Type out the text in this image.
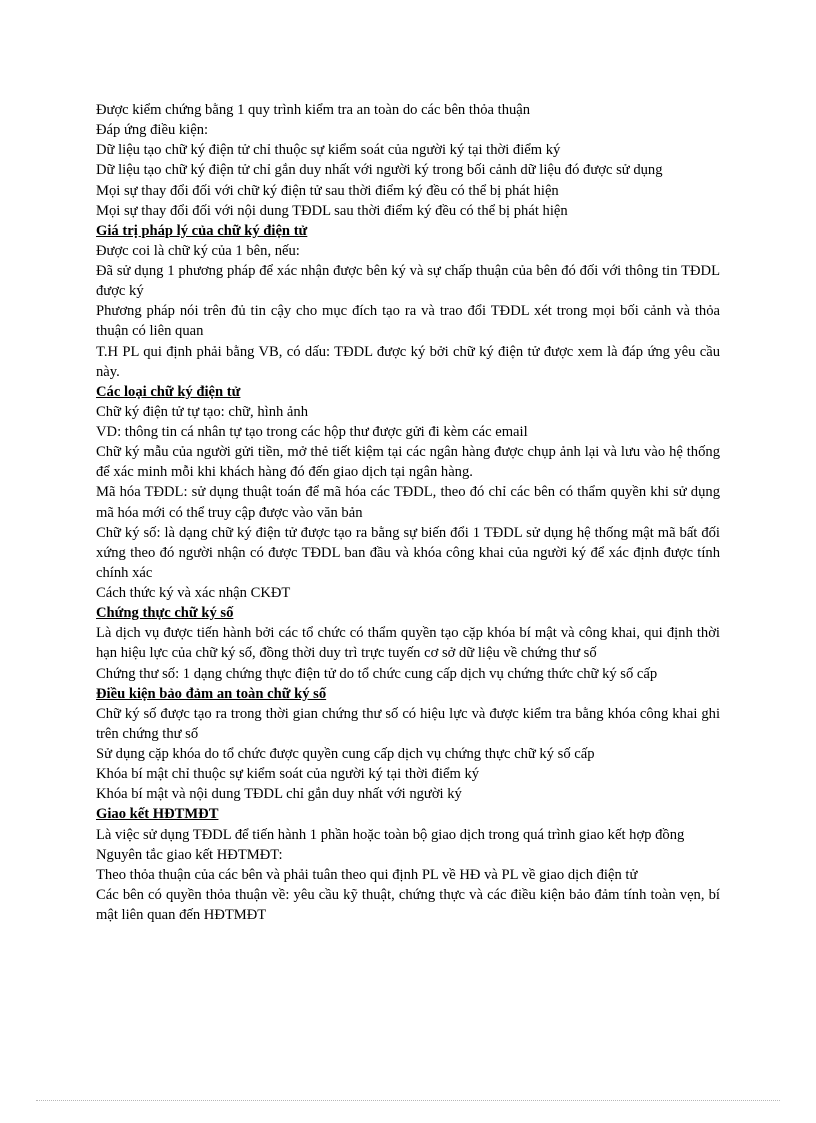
Được kiểm chứng bằng 1 quy trình kiểm tra an toàn do các bên thỏa thuận

Đáp ứng điều kiện:

Dữ liệu tạo chữ ký điện tử chỉ thuộc sự kiểm soát của người ký tại thời điểm ký

Dữ liệu tạo chữ ký điện tử chỉ gắn duy nhất với người ký trong bối cảnh dữ liệu đó được sử dụng

Mọi sự thay đổi đối với chữ ký điện tử sau thời điểm ký đều có thể bị phát hiện

Mọi sự thay đổi đối với nội dung TĐDL sau thời điểm ký đều có thể bị phát hiện

Giá trị pháp lý của chữ ký điện tử

Được coi là chữ ký của 1 bên, nếu:

Đã sử dụng 1 phương pháp để xác nhận được bên ký và sự chấp thuận của bên đó đối với thông tin TĐDL được ký

Phương pháp nói trên đủ tin cậy cho mục đích tạo ra và trao đổi TĐDL xét trong mọi bối cảnh và thỏa thuận có liên quan

T.H PL qui định phải bằng VB, có dấu: TĐDL được ký bởi chữ ký điện tử được xem là đáp ứng yêu cầu này.

Các loại chữ ký điện tử

Chữ ký điện tử tự tạo: chữ, hình ảnh

VD: thông tin cá nhân tự tạo trong các hộp thư được gửi đi kèm các email

Chữ ký mẫu của người gửi tiền, mở thẻ tiết kiệm tại các ngân hàng được chụp ảnh lại và lưu vào hệ thống để xác minh mỗi khi khách hàng đó đến giao dịch tại ngân hàng.

Mã hóa TĐDL: sử dụng thuật toán để mã hóa các TĐDL, theo đó chỉ các bên có thẩm quyền khi sử dụng mã hóa mới có thể truy cập được vào văn bản

Chữ ký số: là dạng chữ ký điện tử được tạo ra bằng sự biến đổi 1 TĐDL sử dụng hệ thống mật mã bất đối xứng theo đó người nhận có được TĐDL ban đầu và khóa công khai của người ký để xác định được tính chính xác

Cách thức ký và xác nhận CKĐT

Chứng thực chữ ký số

Là dịch vụ được tiến hành bởi các tổ chức có thẩm quyền tạo cặp khóa bí mật và công khai, qui định thời hạn hiệu lực của chữ ký số, đồng thời duy trì trực tuyến cơ sở dữ liệu về chứng thư số

Chứng thư số: 1 dạng chứng thực điện tử do tổ chức cung cấp dịch vụ chứng thức chữ ký số cấp

Điều kiện bảo đảm an toàn chữ ký số

Chữ ký số được tạo ra trong thời gian chứng thư số có hiệu lực và được kiểm tra bằng khóa công khai ghi trên chứng thư số

Sử dụng cặp khóa do tổ chức được quyền cung cấp dịch vụ chứng thực chữ ký số cấp

Khóa bí mật chỉ thuộc sự kiểm soát của người ký tại thời điểm ký

Khóa bí mật và nội dung TĐDL chỉ gắn duy nhất với người ký

Giao kết HĐTMĐT

Là việc sử dụng TĐDL để tiến hành 1 phần hoặc toàn bộ giao dịch trong quá trình giao kết hợp đồng

Nguyên tắc giao kết HĐTMĐT:

Theo thỏa thuận của các bên và phải tuân theo qui định PL về HĐ và PL về giao dịch điện tử

Các bên có quyền thỏa thuận về: yêu cầu kỹ thuật, chứng thực và các điều kiện bảo đảm tính toàn vẹn, bí mật liên quan đến HĐTMĐT
